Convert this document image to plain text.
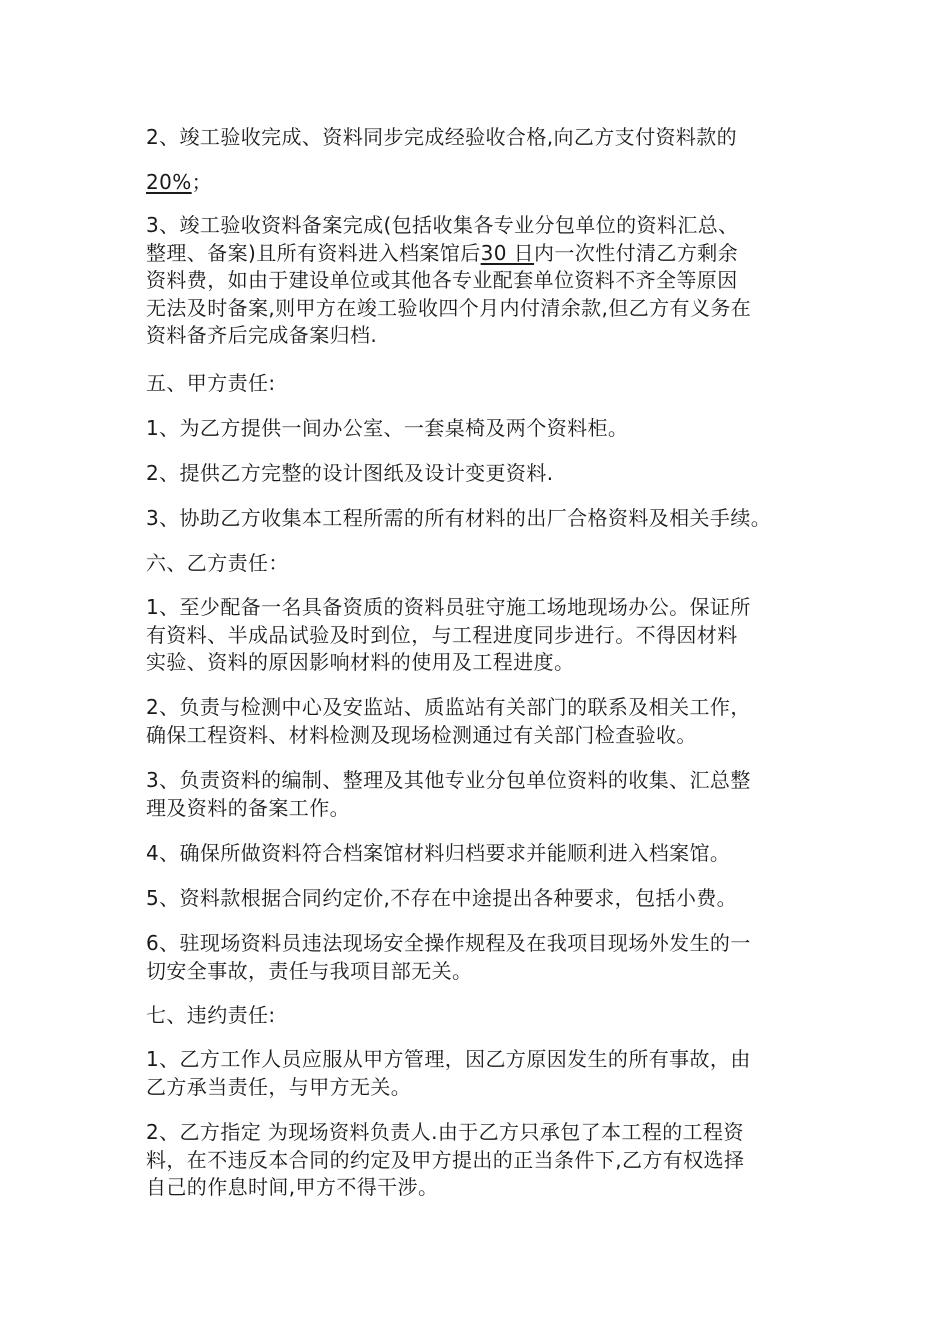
2、竣工验收完成、资料同步完成经验收合格,向乙方支付资料款的
20%；
3、竣工验收资料备案完成(包括收集各专业分包单位的资料汇总、
整理、备案)且所有资料进入档案馆后30 日内一次性付清乙方剩余
资料费，如由于建设单位或其他各专业配套单位资料不齐全等原因
无法及时备案,则甲方在竣工验收四个月内付清余款,但乙方有义务在
资料备齐后完成备案归档.
五、甲方责任:
1、为乙方提供一间办公室、一套桌椅及两个资料柜。
2、提供乙方完整的设计图纸及设计变更资料.
3、协助乙方收集本工程所需的所有材料的出厂合格资料及相关手续。
六、乙方责任：
1、至少配备一名具备资质的资料员驻守施工场地现场办公。保证所
有资料、半成品试验及时到位，与工程进度同步进行。不得因材料
实验、资料的原因影响材料的使用及工程进度。
2、负责与检测中心及安监站、质监站有关部门的联系及相关工作，
确保工程资料、材料检测及现场检测通过有关部门检查验收。
3、负责资料的编制、整理及其他专业分包单位资料的收集、汇总整
理及资料的备案工作。
4、确保所做资料符合档案馆材料归档要求并能顺利进入档案馆。
5、资料款根据合同约定价,不存在中途提出各种要求，包括小费。
6、驻现场资料员违法现场安全操作规程及在我项目现场外发生的一
切安全事故，责任与我项目部无关。
七、违约责任:
1、乙方工作人员应服从甲方管理，因乙方原因发生的所有事故，由
乙方承当责任，与甲方无关。
2、乙方指定 为现场资料负责人.由于乙方只承包了本工程的工程资
料，在不违反本合同的约定及甲方提出的正当条件下,乙方有权选择
自己的作息时间,甲方不得干涉。
